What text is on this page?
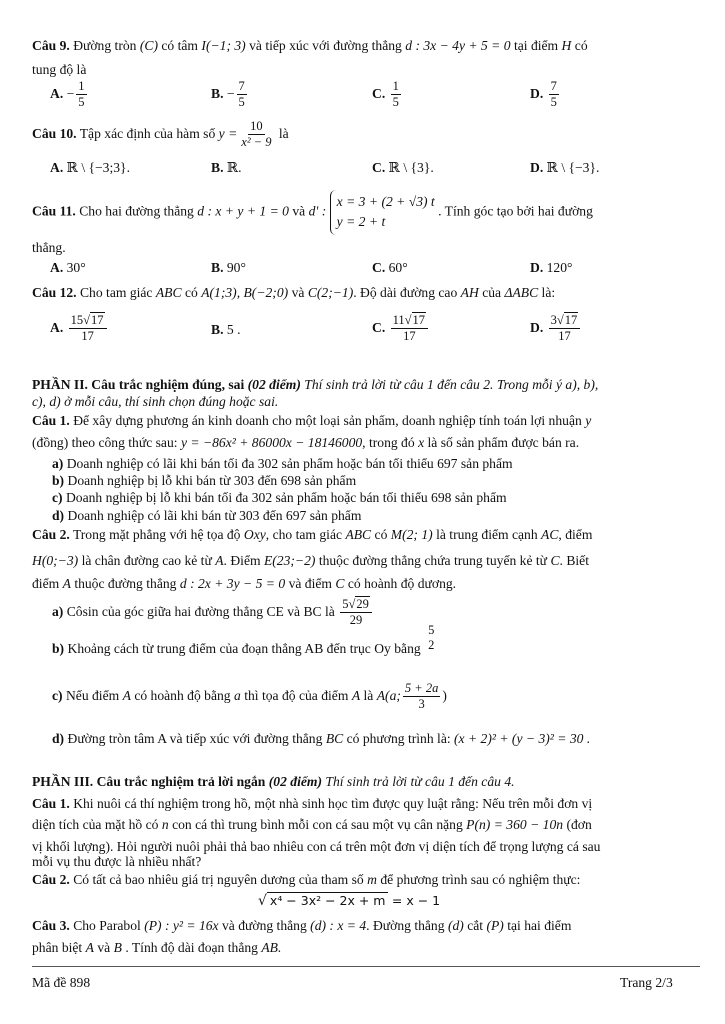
Câu 9. Đường tròn (C) có tâm I(−1; 3) và tiếp xúc với đường thẳng d : 3x − 4y + 5 = 0 tại điểm H có
tung độ là
A. − $\frac{1}{5}$	B. − $\frac{7}{5}$	C. $\frac{1}{5}$	D. $\frac{7}{5}$
Câu 10. Tập xác định của hàm số $y = \frac{10}{\text{x² − 9}}$ là
A. ℝ \ {−3;3}.	B. ℝ.	C. ℝ \ {3}.	D. ℝ \ {−3}.
Câu 11. Cho hai đường thẳng d : x + y + 1 = 0 và d' : x = 3 + (2 + √3) t
y = 2 + t . Tính góc tạo bởi hai đường
thẳng.
A. 30°	B. 90°	C. 60°	D. 120°
Câu 12. Cho tam giác ABC có A(1;3), B(−2;0) và C(2;−1). Độ dài đường cao AH của ΔABC là:
A. $\frac{15√17}{17}$	B. 5 .	C. $\frac{11√17}{17}$	D. $\frac{3√17}{17}$
PHẦN II. Câu trắc nghiệm đúng, sai (02 điểm) Thí sinh trả lời từ câu 1 đến câu 2. Trong mỗi ý a), b),
c), d) ở mỗi câu, thí sinh chọn đúng hoặc sai.
Câu 1. Để xây dựng phương án kinh doanh cho một loại sản phẩm, doanh nghiệp tính toán lợi nhuận y
(đồng) theo công thức sau: y = −86x² + 86000x − 18146000, trong đó x là số sản phẩm được bán ra.
a) Doanh nghiệp có lãi khi bán tối đa 302 sản phẩm hoặc bán tối thiểu 697 sản phẩm
b) Doanh nghiệp bị lỗ khi bán từ 303 đến 698 sản phẩm
c) Doanh nghiệp bị lỗ khi bán tối đa 302 sản phẩm hoặc bán tối thiểu 698 sản phẩm
d) Doanh nghiệp có lãi khi bán từ 303 đến 697 sản phẩm
Câu 2. Trong mặt phẳng với hệ tọa độ Oxy, cho tam giác ABC có M(2; 1) là trung điểm cạnh AC, điểm
H(0;−3) là chân đường cao kẻ từ A. Điểm E(23;−2) thuộc đường thẳng chứa trung tuyến kẻ từ C. Biết
điểm A thuộc đường thẳng d : 2x + 3y − 5 = 0 và điểm C có hoành độ dương.
a) Côsin của góc giữa hai đường thẳng CE và BC là $\frac{5√29}{29}$
b) Khoảng cách từ trung điểm của đoạn thẳng AB đến trục Oy bằng
5
2
c) Nếu điểm A có hoành độ bằng a thì tọa độ của điểm A là A(a; $\frac{5 + 2a}{3}$ )
d) Đường tròn tâm A và tiếp xúc với đường thẳng BC có phương trình là: (x + 2)² + (y − 3)² = 30 .
PHẦN III. Câu trắc nghiệm trả lời ngắn (02 điểm) Thí sinh trả lời từ câu 1 đến câu 4.
Câu 1. Khi nuôi cá thí nghiệm trong hồ, một nhà sinh học tìm được quy luật rằng: Nếu trên mỗi đơn vị
diện tích của mặt hồ có n con cá thì trung bình mỗi con cá sau một vụ cân nặng P(n) = 360 − 10n (đơn
vị khối lượng). Hỏi người nuôi phải thả bao nhiêu con cá trên một đơn vị diện tích để trọng lượng cá sau
mỗi vụ thu được là nhiều nhất?
Câu 2. Có tất cả bao nhiêu giá trị nguyên dương của tham số m để phương trình sau có nghiệm thực:
√ x⁴ − 3x² − 2x + m = x − 1
Câu 3. Cho Parabol (P) : y² = 16x và đường thẳng (d) : x = 4. Đường thẳng (d) cắt (P) tại hai điểm
phân biệt A và B . Tính độ dài đoạn thẳng AB.
Mã đề 898	Trang 2/3
